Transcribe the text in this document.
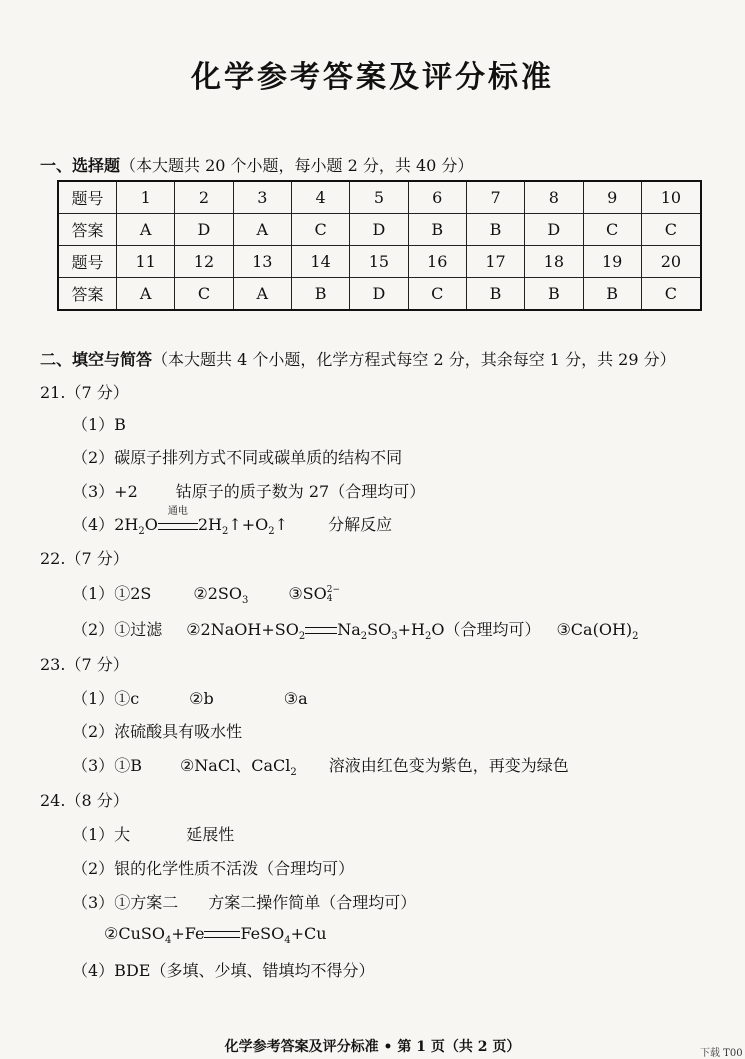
化学参考答案及评分标准
一、选择题（本大题共 20 个小题，每小题 2 分，共 40 分）
题号	1	2	3	4	5	6	7	8	9	10
答案	A	D	A	C	D	B	B	D	C	C
题号	11	12	13	14	15	16	17	18	19	20
答案	A	C	A	B	D	C	B	B	B	C
二、填空与简答（本大题共 4 个小题，化学方程式每空 2 分，其余每空 1 分，共 29 分）
21.（7 分）
（1）B
（2）碳原子排列方式不同或碳单质的结构不同
（3）+2 钴原子的质子数为 27（合理均可）
$(4)2H_2O$
通电
$2H_2↑+O_2↑$	分解反应
22.（7 分）
（1）①2S	$②2SO_3$	③SO 2−
4
（2）①过滤 $②2NaOH+SO_2$ $Na_2SO_3+H_2O$（合理均可） $③Ca(OH)_2$
23.（7 分）
（1）①c	②b	③a
（2）浓硫酸具有吸水性
（3）①B ②NaCl、CaCl$_2$ 溶液由红色变为紫色，再变为绿色
24.（8 分）
（1）大	延展性
（2）银的化学性质不活泼（合理均可）
（3）①方案二 方案二操作简单（合理均可）
②CuSO$_4$+Fe FeSO$_4$+Cu
（4）BDE（多填、少填、错填均不得分）
化学参考答案及评分标准 • 第 1 页（共 2 页）	下载 T00
